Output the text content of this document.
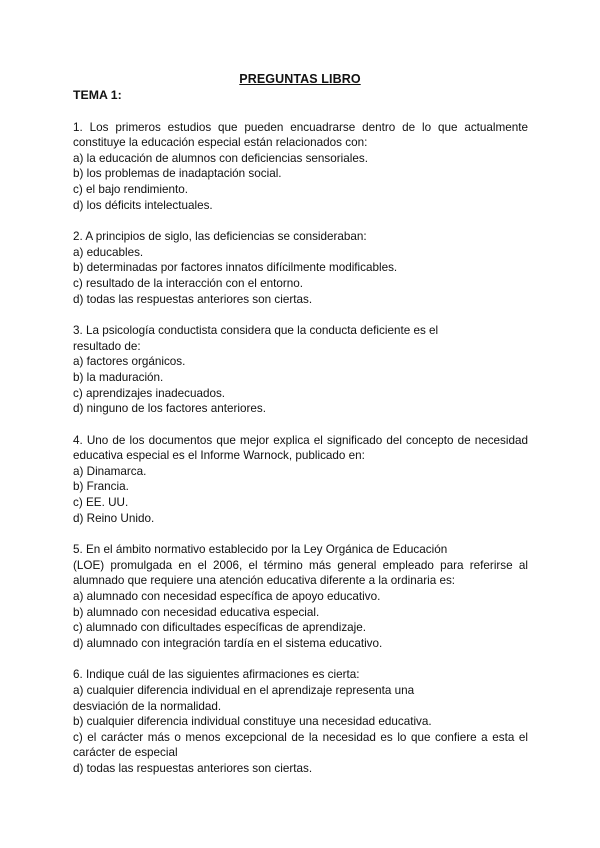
PREGUNTAS LIBRO
TEMA 1:

1. Los primeros estudios que pueden encuadrarse dentro de lo que actualmente constituye la educación especial están relacionados con:

a) la educación de alumnos con deficiencias sensoriales.

b) los problemas de inadaptación social.

c) el bajo rendimiento.

d) los déficits intelectuales.

2. A principios de siglo, las deficiencias se consideraban:

a) educables.

b) determinadas por factores innatos difícilmente modificables.

c) resultado de la interacción con el entorno.

d) todas las respuestas anteriores son ciertas.

3. La psicología conductista considera que la conducta deficiente es el
resultado de:

a) factores orgánicos.

b) la maduración.

c) aprendizajes inadecuados.

d) ninguno de los factores anteriores.

4. Uno de los documentos que mejor explica el significado del concepto de necesidad educativa especial es el Informe Warnock, publicado en:

a) Dinamarca.

b) Francia.

c) EE. UU.

d) Reino Unido.

5. En el ámbito normativo establecido por la Ley Orgánica de Educación
(LOE) promulgada en el 2006, el término más general empleado para referirse al alumnado que requiere una atención educativa diferente a la ordinaria es:

a) alumnado con necesidad específica de apoyo educativo.

b) alumnado con necesidad educativa especial.

c) alumnado con dificultades específicas de aprendizaje.

d) alumnado con integración tardía en el sistema educativo.

6. Indique cuál de las siguientes afirmaciones es cierta:

a) cualquier diferencia individual en el aprendizaje representa una
desviación de la normalidad.

b) cualquier diferencia individual constituye una necesidad educativa.

c) el carácter más o menos excepcional de la necesidad es lo que confiere a esta el carácter de especial

d) todas las respuestas anteriores son ciertas.
